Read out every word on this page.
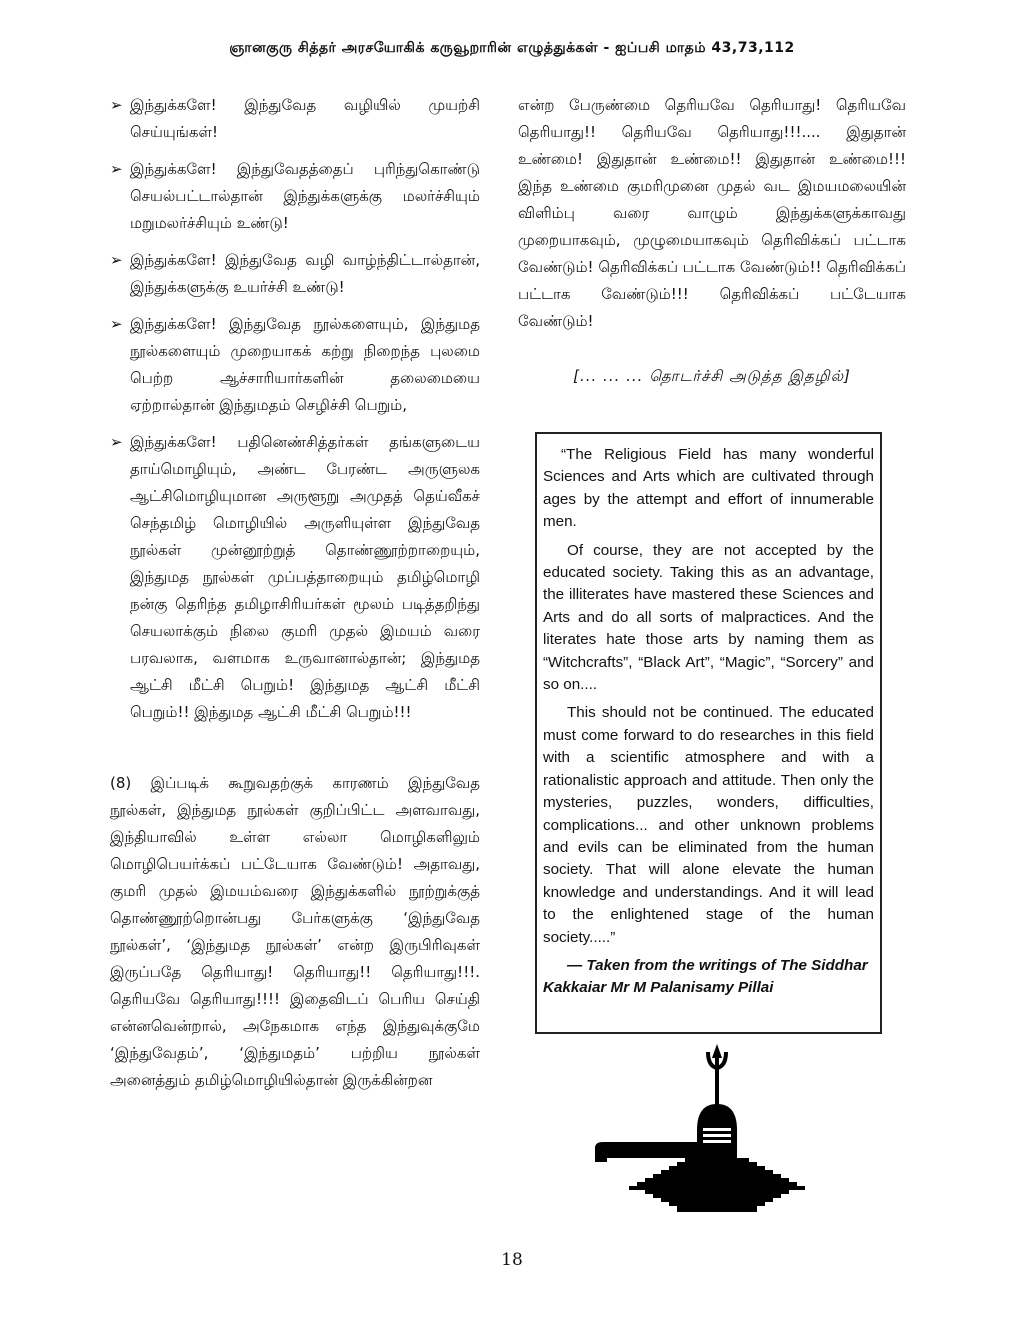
ஞானகுரு சித்தர் அரசயோகிக் கருவூறாரின் எழுத்துக்கள் - ஐப்பசி மாதம் 43,73,112
➢ இந்துக்களே! இந்துவேத வழியில் முயற்சி செய்யுங்கள்!
➢ இந்துக்களே! இந்துவேதத்தைப் புரிந்துகொண்டு செயல்பட்டால்தான் இந்துக்களுக்கு மலர்ச்சியும் மறுமலர்ச்சியும் உண்டு!
➢ இந்துக்களே! இந்துவேத வழி வாழ்ந்திட்டால்தான், இந்துக்களுக்கு உயர்ச்சி உண்டு!
➢ இந்துக்களே! இந்துவேத நூல்களையும், இந்துமத நூல்களையும் முறையாகக் கற்று நிறைந்த புலமை பெற்ற ஆச்சாரியார்களின் தலைமையை ஏற்றால்தான் இந்துமதம் செழிச்சி பெறும்,
➢ இந்துக்களே! பதினெண்சித்தர்கள் தங்களுடைய தாய்மொழியும், அண்ட பேரண்ட அருளுலக ஆட்சிமொழியுமான அருளூறு அமுதத் தெய்வீகச் செந்தமிழ் மொழியில் அருளியுள்ள இந்துவேத நூல்கள் முன்னூற்றுத் தொண்ணூற்றாறையும், இந்துமத நூல்கள் முப்பத்தாறையும் தமிழ்மொழி நன்கு தெரிந்த தமிழாசிரியர்கள் மூலம் படித்தறிந்து செயலாக்கும் நிலை குமரி முதல் இமயம் வரை பரவலாக, வளமாக உருவானால்தான்; இந்துமத ஆட்சி மீட்சி பெறும்! இந்துமத ஆட்சி மீட்சி பெறும்!! இந்துமத ஆட்சி மீட்சி பெறும்!!!
(8) இப்படிக் கூறுவதற்குக் காரணம் இந்துவேத நூல்கள், இந்துமத நூல்கள் குறிப்பிட்ட அளவாவது, இந்தியாவில் உள்ள எல்லா மொழிகளிலும் மொழிபெயர்க்கப் பட்டேயாக வேண்டும்! அதாவது, குமரி முதல் இமயம்வரை இந்துக்களில் நூற்றுக்குத் தொண்ணூற்றொன்பது பேர்களுக்கு ‘இந்துவேத நூல்கள்’, ‘இந்துமத நூல்கள்’ என்ற இருபிரிவுகள் இருப்பதே தெரியாது! தெரியாது!! தெரியாது!!!. தெரியவே தெரியாது!!!! இதைவிடப் பெரிய செய்தி என்னவென்றால், அநேகமாக எந்த இந்துவுக்குமே ‘இந்துவேதம்’, ‘இந்துமதம்’ பற்றிய நூல்கள் அனைத்தும் தமிழ்மொழியில்தான் இருக்கின்றன
என்ற பேருண்மை தெரியவே தெரியாது! தெரியவே தெரியாது!! தெரியவே தெரியாது!!!.... இதுதான் உண்மை! இதுதான் உண்மை!! இதுதான் உண்மை!!! இந்த உண்மை குமரிமுனை முதல் வட இமயமலையின் விளிம்பு வரை வாழும் இந்துக்களுக்காவது முறையாகவும், முழுமையாகவும் தெரிவிக்கப் பட்டாக வேண்டும்! தெரிவிக்கப் பட்டாக வேண்டும்!! தெரிவிக்கப் பட்டாக வேண்டும்!!! தெரிவிக்கப் பட்டேயாக வேண்டும்!
[... ... ... தொடர்ச்சி அடுத்த இதழில்]

“The Religious Field has many wonderful Sciences and Arts which are cultivated through ages by the attempt and effort of innumerable men.

Of course, they are not accepted by the educated society. Taking this as an advantage, the illiterates have mastered these Sciences and Arts and do all sorts of malpractices. And the literates hate those arts by naming them as “Witchcrafts”, “Black Art”, “Magic”, “Sorcery” and so on....

This should not be continued. The educated must come forward to do researches in this field with a scientific atmosphere and with a rationalistic approach and attitude. Then only the mysteries, puzzles, wonders, difficulties, complications... and other unknown problems and evils can be eliminated from the human society. That will alone elevate the human knowledge and understandings. And it will lead to the enlightened stage of the human society.....”

— Taken from the writings of The Siddhar Kakkaiar Mr M Palanisamy Pillai

18
